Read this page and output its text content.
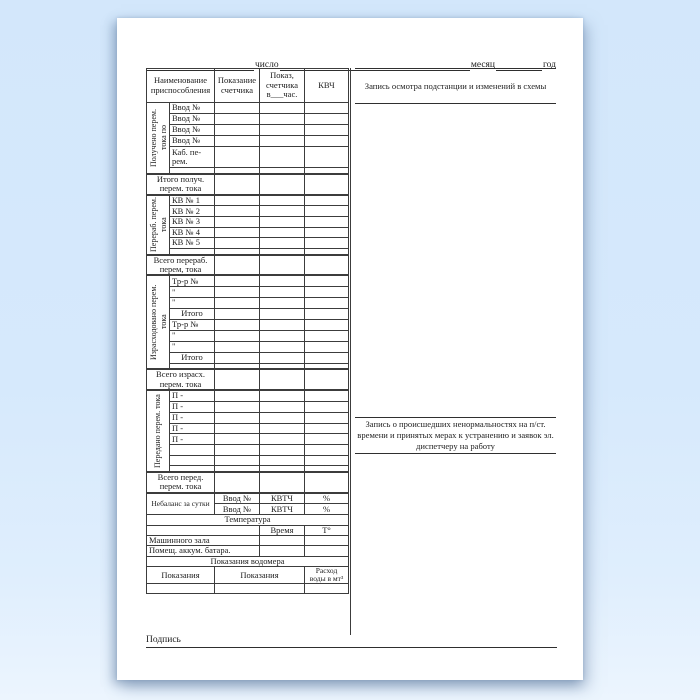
число	месяц	год
Наименование приспособления		Показание счетчика	Показ, счетчика в___час.	КВЧ

Получено перем. тока по	Ввод №			
	Ввод №			
	Ввод №			
	Ввод №			
	Каб. пе-рем.			

Итого получ. перем. тока				

Перераб. перем. тока	КВ № 1			
	КВ № 2			
	КВ № 3			
	КВ № 4			
	КВ № 5			

Всего перераб. перем, тока				

Израсходовано перем. тока	Тр-р №			
	"			
	"			
	Итого			
	Тр-р №			
	"			
	"			
	Итого			

Всего израсх. перем. тока				

Передано перем. тока	П -			
	П -			
	П -			
	П -			
	П -			

Всего перед. перем. тока				
Небаланс за сутки		Ввод №	КВТЧ	%
		Ввод №	КВТЧ	%
Температура				
			Время	Т°
Машинного зала				
Помещ. аккум. батара.				
Показания водомера				
Показания		Показания		Расход воды в мт³

Запись осмотра подстанции и изменений в схемы
Запись о происшедших ненормальностях на п/ст. времени и принятых мерах к устранению и заявок эл. диспетчеру на работу
Подпись
